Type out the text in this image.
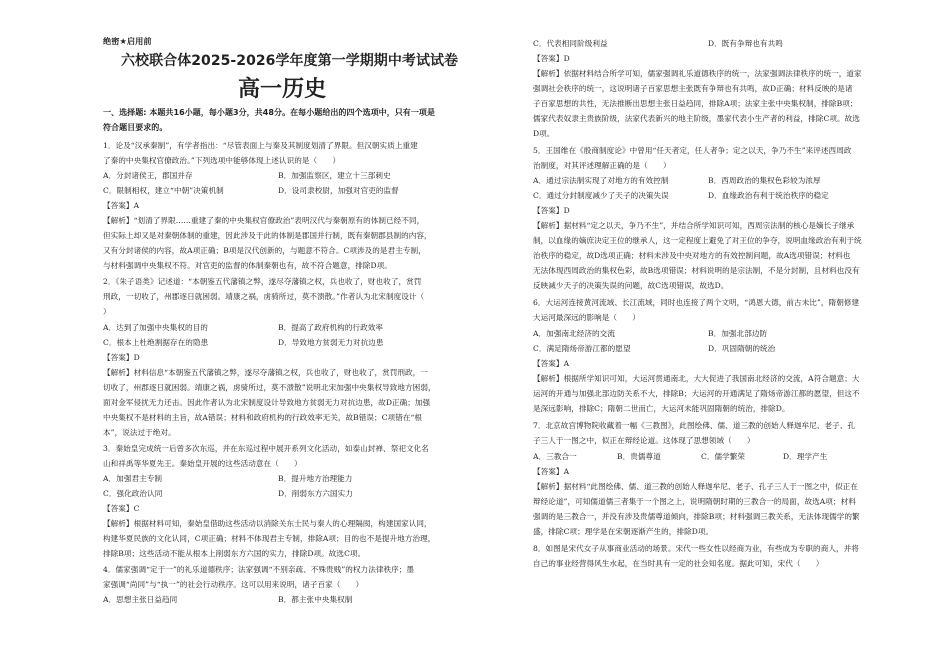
绝密★启用前
六校联合体2025-2026学年度第一学期期中考试试卷
高一历史
一、选择题: 本题共16小题，每小题3分，共48分。在每小题给出的四个选项中，只有一项是
符合题目要求的。
1．论及“汉承秦制”，有学者指出：“尽管表面上与秦及其制度划清了界限。但汉朝实质上重建
了秦的中央集权官僚政治。”下列选项中能够体现上述认识的是（　　）
A．分封诸侯王，郡国并存	B．加强监察区，建立十三部刺史
C．限制相权，建立“中朝”决策机制	D．设司隶校尉，加强对官吏的监督
【答案】A
【解析】“划清了界限……重建了秦的中央集权官僚政治”表明汉代与秦朝原有的体制已经不同，
但实际上却又是对秦朝体制的重建，因此涉及于此的体制是郡国并行制，既有秦朝郡县制的内容，
又有分封诸侯的内容，故A项正确；B项是汉代创新的，与题意不符合。C项涉及的是君主专制，
与材料强调中央集权不符。对官吏的监督的体制秦朝也有，故不符合题意，排除D项。
2．《朱子语类》记述道：“本朝鉴五代藩镇之弊，遂尽夺藩镇之权，兵也收了，财也收了，赏罚
刑政，一切收了，州郡逐日就困弱。靖康之祸，虏骑所过，莫不溃散。”作者认为北宋制度设计（
）
A．达到了加强中央集权的目的	B．提高了政府机构的行政效率
C．根本上杜绝割据存在的隐患	D．导致地方贫弱无力对抗边患
【答案】D
【解析】材料信息“本朝鉴五代藩镇之弊，遂尽夺藩镇之权，兵也收了，财也收了，赏罚刑政，一
切收了，州郡逐日就困弱。靖康之祸，虏骑所过，莫不溃散”说明北宋加强中央集权导致地方困弱，
面对金军侵扰无力还击。因此作者认为北宋制度设计导致地方贫弱无力对抗边患，故D正确；加强
中央集权不是材料的主旨，故A错误；材料和政府机构的行政效率无关，故B错误；C项错在“根
本”，说法过于绝对。
3．秦始皇完成统一后曾多次东巡，并在东巡过程中展开系列文化活动，如泰山封禅、祭祀文化名
山和祥禹等华夏先王。秦始皇开展的这些活动意在（　　）
A．加强君主专制	B．提升地方治理能力
C．强化政治认同	D．削弱东方六国实力
【答案】C
【解析】根据材料可知，秦始皇借助这些活动以消除关东士民与秦人的心理隔阂，构建国家认同，
构建华夏民族的文化认同，C项正确；材料不体现君主专制，排除A项；目的也不是提升地方治理，
排除B项；这些活动不能从根本上削弱东方六国的实力，排除D项。故选C项。
4．儒家强调“定于一”的礼乐道德秩序；法家强调“不别亲疏、不殊贵贱”的权力法律秩序；墨
家强调“尚同”与“执一”的社会行动秩序。这可以用来说明，诸子百家（　　）
A．思想主张日益趋同	B．都主张中央集权制
C．代表相同阶级利益	D．既有争辩也有共鸣
【答案】D
【解析】依据材料结合所学可知，儒家强调礼乐道德秩序的统一，法家强调法律秩序的统一，道家
强调社会秩序的统一，这说明诸子百家思想主张既有争辩也有共鸣，故D正确；材料反映的是诸
子百家思想的共性，无法推断出思想主张日益趋同，排除A项；法家主张中央集权制，排除B项；
儒家代表奴隶主贵族阶级，法家代表新兴的地主阶级，墨家代表小生产者的利益，排除C项。故选
D项。
5．王国维在《殷商制度论》中曾用“任天者定，任人者争；定之以天，争乃不生”来评述西周政
治制度，对其评述理解正确的是（　　）
A．通过宗法制实现了对地方的有效控制	B．西周政治的集权色彩较为浓厚
C．通过分封制度减少了天子的决策失误	D．血缘政治有利于统治秩序的稳定
【答案】D
【解析】据材料“定之以天，争乃不生”，并结合所学知识可知，西周宗法制的核心是嫡长子继承
制，以血缘的嫡庶决定王位的继承人，这一定程度上避免了对王位的争夺，说明血缘政治有利于统
治秩序的稳定，故D选项正确；材料未涉及中央对地方的有效控制问题，故A选项错误；材料也
无法体现西周政治的集权色彩，故B选项错误；材料说明的是宗法制，不是分封制，且材料也没有
反映减少天子的决策失误的问题，故C选项错误，故选D。
6．大运河连接黄河流域、长江流域，同时也连接了两个文明，“鸿恩大德，前古未比”，隋朝修建
大运河最深远的影响是（　　）
A．加强南北经济的交流	B．加强北部边防
C．满足隋炀帝游江都的愿望	D．巩固隋朝的统治
【答案】A
【解析】根据所学知识可知，大运河贯通南北，大大促进了我国南北经济的交流，A符合题意；大
运河的开通与加强北部边防关系不大，排除B；大运河的开通满足了隋炀帝游江都的愿望，但这不
是深远影响，排除C；隋朝二世而亡，大运河未能巩固隋朝的统治，排除D。
7．北京故宫博物院收藏着一幅《三教图》，此图绘佛、儒、道三教的创始人释迦牟尼、老子、孔
子三人于一图之中，似正在辩经论道。这体现了思想领域（　　）
A．三教合一	B．贵儒尊道	C．儒学繁荣	D．理学产生
【答案】A
【解析】据材料“此图绘佛、儒、道三教的创始人释迦牟尼、老子、孔子三人于一图之中，似正在
辩经论道”，可知儒道儒三者集于一个图之上，说明隋朝时期的三教合一的局面，故选A项；材料
强调的是三教合一，并没有涉及贵儒尊道倾向，排除B项；材料强调三教关系，无法体现儒学的繁
盛，排除C项；理学是在宋朝逐渐产生的，排除D项。
8．如图是宋代女子从事商业活动的场景。宋代一些女性以经商为业，有些成为专职的商人，并将
自己的事业经营得风生水起，在当时具有一定的社会知名度。据此可知，宋代（　　）
